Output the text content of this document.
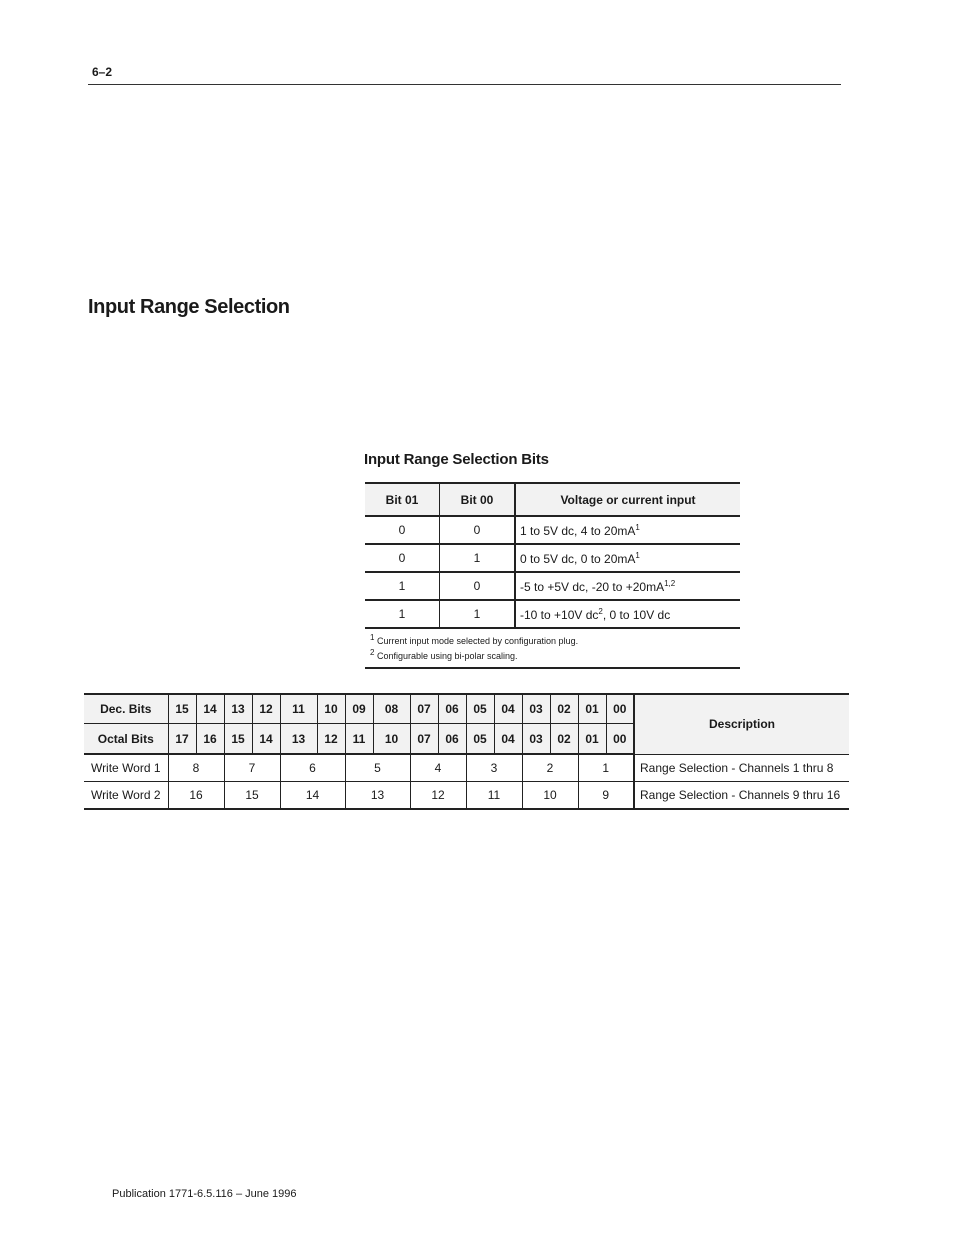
6–2
Input Range Selection
Input Range Selection Bits
Bit 01	Bit 00	Voltage or current input
0	0	1 to 5V dc, 4 to $20mA^1$
0	1	0 to 5V dc, 0 to $20mA^1$
1	0	-5 to +5V dc, -20 to +20mA$^{1,2}$
1	1	-10 to +10V $dc^2$, 0 to 10V dc

$^1$ Current input mode selected by configuration plug.
$^2$ Configurable using bi-polar scaling.		
Dec. Bits	15	14	13	12	11	10	09	08	07	06	05	04	03	02	01	00	Description
Octal Bits	17	16	15	14	13	12	11	10	07	06	05	04	03	02	01	00	
Write Word 1	8		7		6		5		4		3		2		1		Range Selection - Channels 1 thru 8
Write Word 2	16		15		14		13		12		11		10		9		Range Selection - Channels 9 thru 16
Publication 1771-6.5.116 – June 1996
